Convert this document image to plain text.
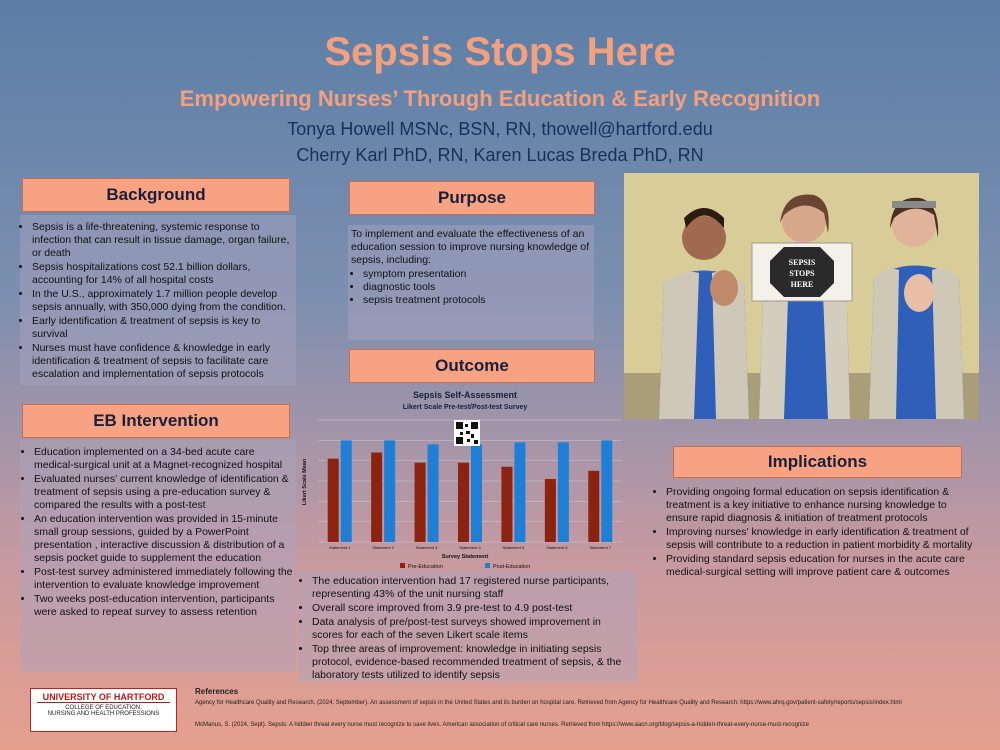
Sepsis Stops Here
Empowering Nurses’ Through Education & Early Recognition
Tonya Howell MSNc, BSN, RN, thowell@hartford.edu
Cherry Karl PhD, RN, Karen Lucas Breda PhD, RN
Background
• Sepsis is a life-threatening, systemic response to infection that can result in tissue damage, organ failure, or death
• Sepsis hospitalizations cost 52.1 billion dollars, accounting for 14% of all hospital costs
• In the U.S., approximately 1.7 million people develop sepsis annually, with 350,000 dying from the condition.
• Early identification & treatment of sepsis is key to survival
• Nurses must have confidence & knowledge in early identification & treatment of sepsis to facilitate care escalation and implementation of sepsis protocols
Purpose
To implement and evaluate the effectiveness of an education session to improve nursing knowledge of sepsis, including:
• symptom presentation
• diagnostic tools
• sepsis treatment protocols
SEPSIS
STOPS
HERE
EB Intervention
• Education implemented on a 34-bed acute care medical-surgical unit at a Magnet-recognized hospital
• Evaluated nurses’ current knowledge of identification & treatment of sepsis using a pre-education survey & compared the results with a post-test
• An education intervention was provided in 15-minute small group sessions, guided by a PowerPoint presentation , interactive discussion & distribution of a sepsis pocket guide to supplement the education
• Post-test survey administered immediately following the intervention to evaluate knowledge improvement
• Two weeks post-education intervention, participants were asked to repeat survey to assess retention
Outcome
Sepsis Self-Assessment
Likert Scale Pre-test/Post-test Survey
Likert Scale Mean
Survey Statement
Statement 1	Statement 2	Statement 3	Statement 4	Statement 5	Statement 6	Statement 7
Pre-Education	Post-Education
• The education intervention had 17 registered nurse participants, representing 43% of the unit nursing staff
• Overall score improved from 3.9 pre-test to 4.9 post-test
• Data analysis of pre/post-test surveys showed improvement in scores for each of the seven Likert scale items
• Top three areas of improvement: knowledge in initiating sepsis protocol, evidence-based recommended treatment of sepsis, & the laboratory tests utilized to identify sepsis
Implications
• Providing ongoing formal education on sepsis identification & treatment is a key initiative to enhance nursing knowledge to ensure rapid diagnosis & initiation of treatment protocols
• Improving nurses' knowledge in early identification & treatment of sepsis will contribute to a reduction in patient morbidity & mortality
• Providing standard sepsis education for nurses in the acute care medical-surgical setting will improve patient care & outcomes
UNIVERSITY OF HARTFORD
COLLEGE OF EDUCATION,
NURSING AND HEALTH PROFESSIONS
References
Agency for Healthcare Quality and Research. (2024, September). An assessment of sepsis in the United States and its burden on hospital care. Retrieved from Agency for Healthcare Quality and Research: https://www.ahrq.gov/patient-safety/reports/sepsis/index.html
McManus, S. (2024, Sept). Sepsis: A hidden threat every nurse must recognize to save lives. American association of critical care nurses. Retrieved from https://www.aacn.org/blog/sepsis-a-hidden-threat-every-nurse-must-recognize
